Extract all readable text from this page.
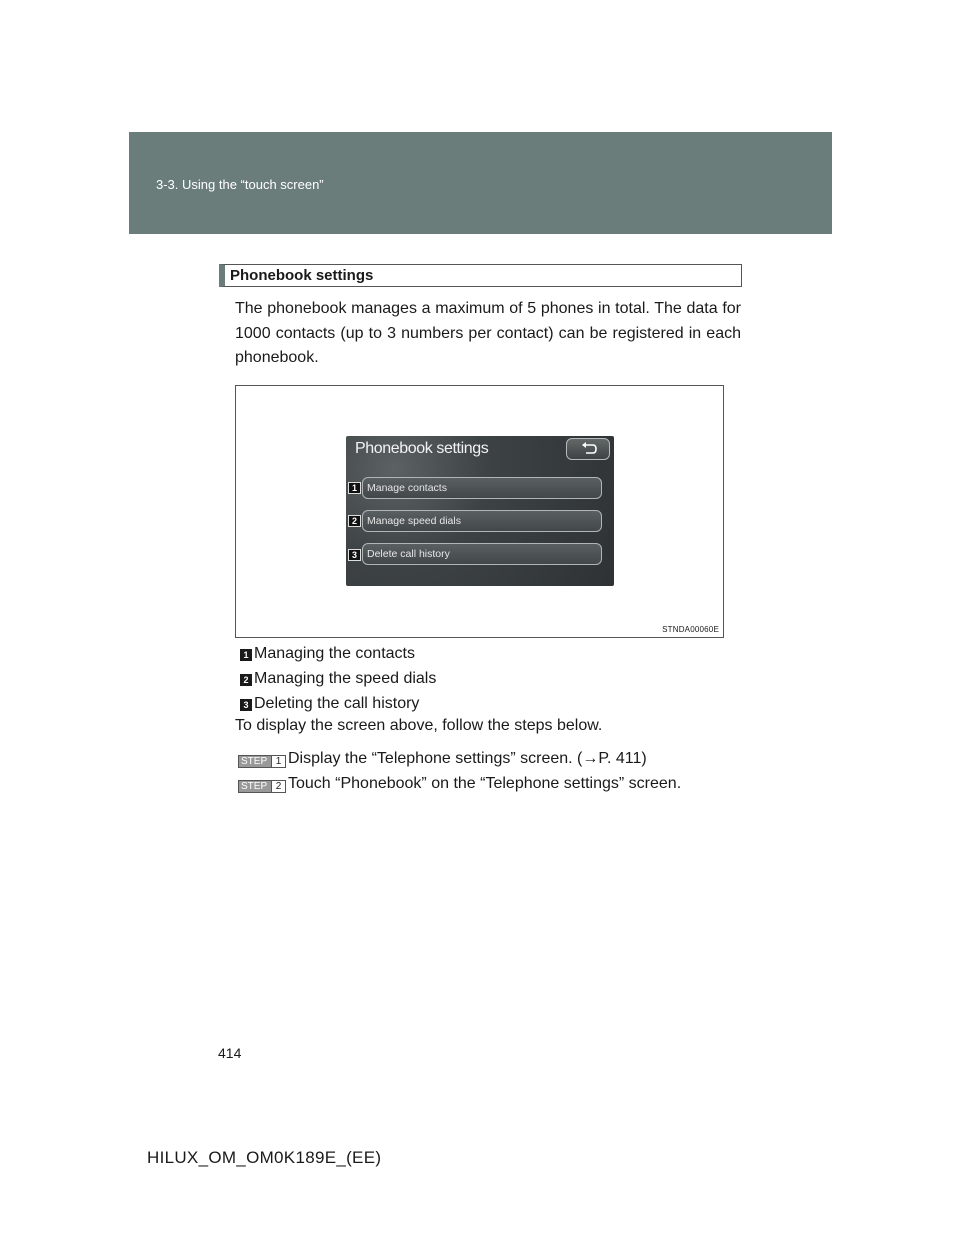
3-3. Using the “touch screen”
Phonebook settings

The phonebook manages a maximum of 5 phones in total. The data for 1000 contacts (up to 3 numbers per contact) can be registered in each phonebook.

STNDA00060E
Phonebook settings
1 Manage contacts
2 Manage speed dials
3 Delete call history
1 Managing the contacts
2 Managing the speed dials
3 Deleting the call history

To display the screen above, follow the steps below.

STEP 1 Display the “Telephone settings” screen. (→P. 411)
STEP 2 Touch “Phonebook” on the “Telephone settings” screen.
414
HILUX_OM_OM0K189E_(EE)
